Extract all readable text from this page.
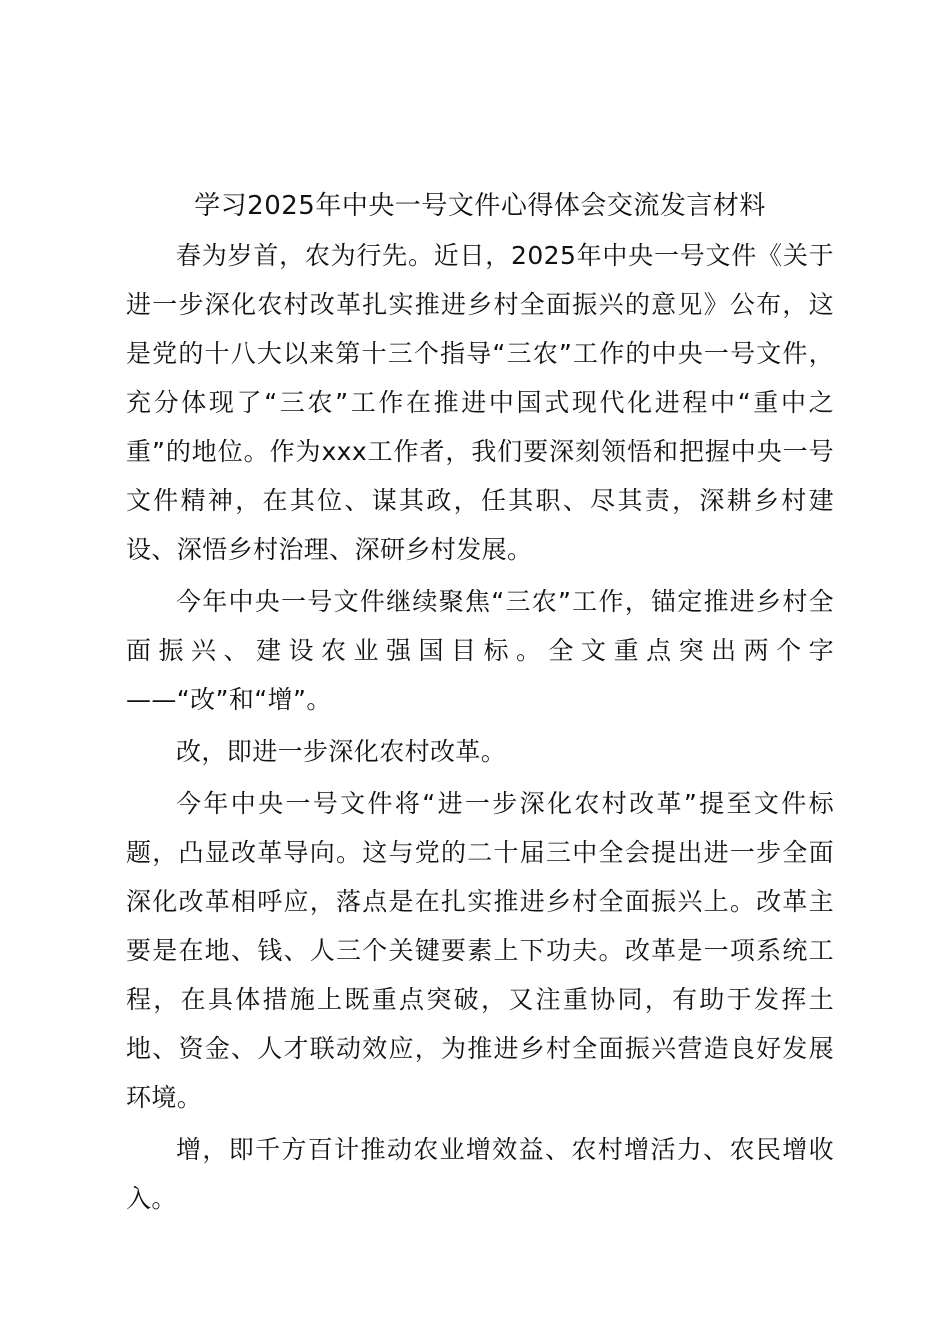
学习2025年中央一号文件心得体会交流发言材料

春为岁首，农为行先。近日，2025年中央一号文件《关于进一步深化农村改革扎实推进乡村全面振兴的意见》公布，这是党的十八大以来第十三个指导“三农”工作的中央一号文件，充分体现了“三农”工作在推进中国式现代化进程中“重中之重”的地位。作为xxx工作者，我们要深刻领悟和把握中央一号文件精神，在其位、谋其政，任其职、尽其责，深耕乡村建设、深悟乡村治理、深研乡村发展。

今年中央一号文件继续聚焦“三农”工作，锚定推进乡村全面振兴、建设农业强国目标。全文重点突出两个字——“改”和“增”。

改，即进一步深化农村改革。

今年中央一号文件将“进一步深化农村改革”提至文件标题，凸显改革导向。这与党的二十届三中全会提出进一步全面深化改革相呼应，落点是在扎实推进乡村全面振兴上。改革主要是在地、钱、人三个关键要素上下功夫。改革是一项系统工程，在具体措施上既重点突破，又注重协同，有助于发挥土地、资金、人才联动效应，为推进乡村全面振兴营造良好发展环境。

增，即千方百计推动农业增效益、农村增活力、农民增收入。
